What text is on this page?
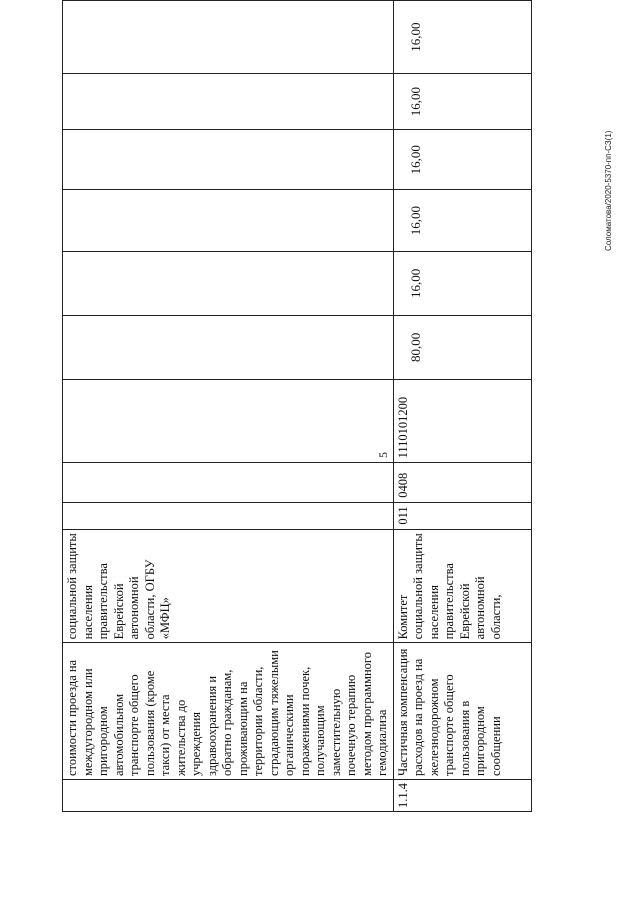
	стоимости проезда на междугородном или пригородном автомобильном транспорте общего пользования (кроме такси) от места жительства до учреждения здравоохранения и обратно гражданам, проживающим на территории области, страдающим тяжелыми органическими поражениями почек, получающим заместительную почечную терапию методом программного гемодиализа	социальной защиты населения правительства Еврейской автономной области, ОГБУ «МФЦ»									
1.1.4	Частичная компенсация расходов на проезд на железнодорожном транспорте общего пользования в пригородном сообщении	Комитет социальной защиты населения правительства Еврейской автономной области,	011	0408	1110101200	80,00	16,00	16,00	16,00	16,00	16,00
5
Соломатова/2020-5370-пп-СЗ(1)
